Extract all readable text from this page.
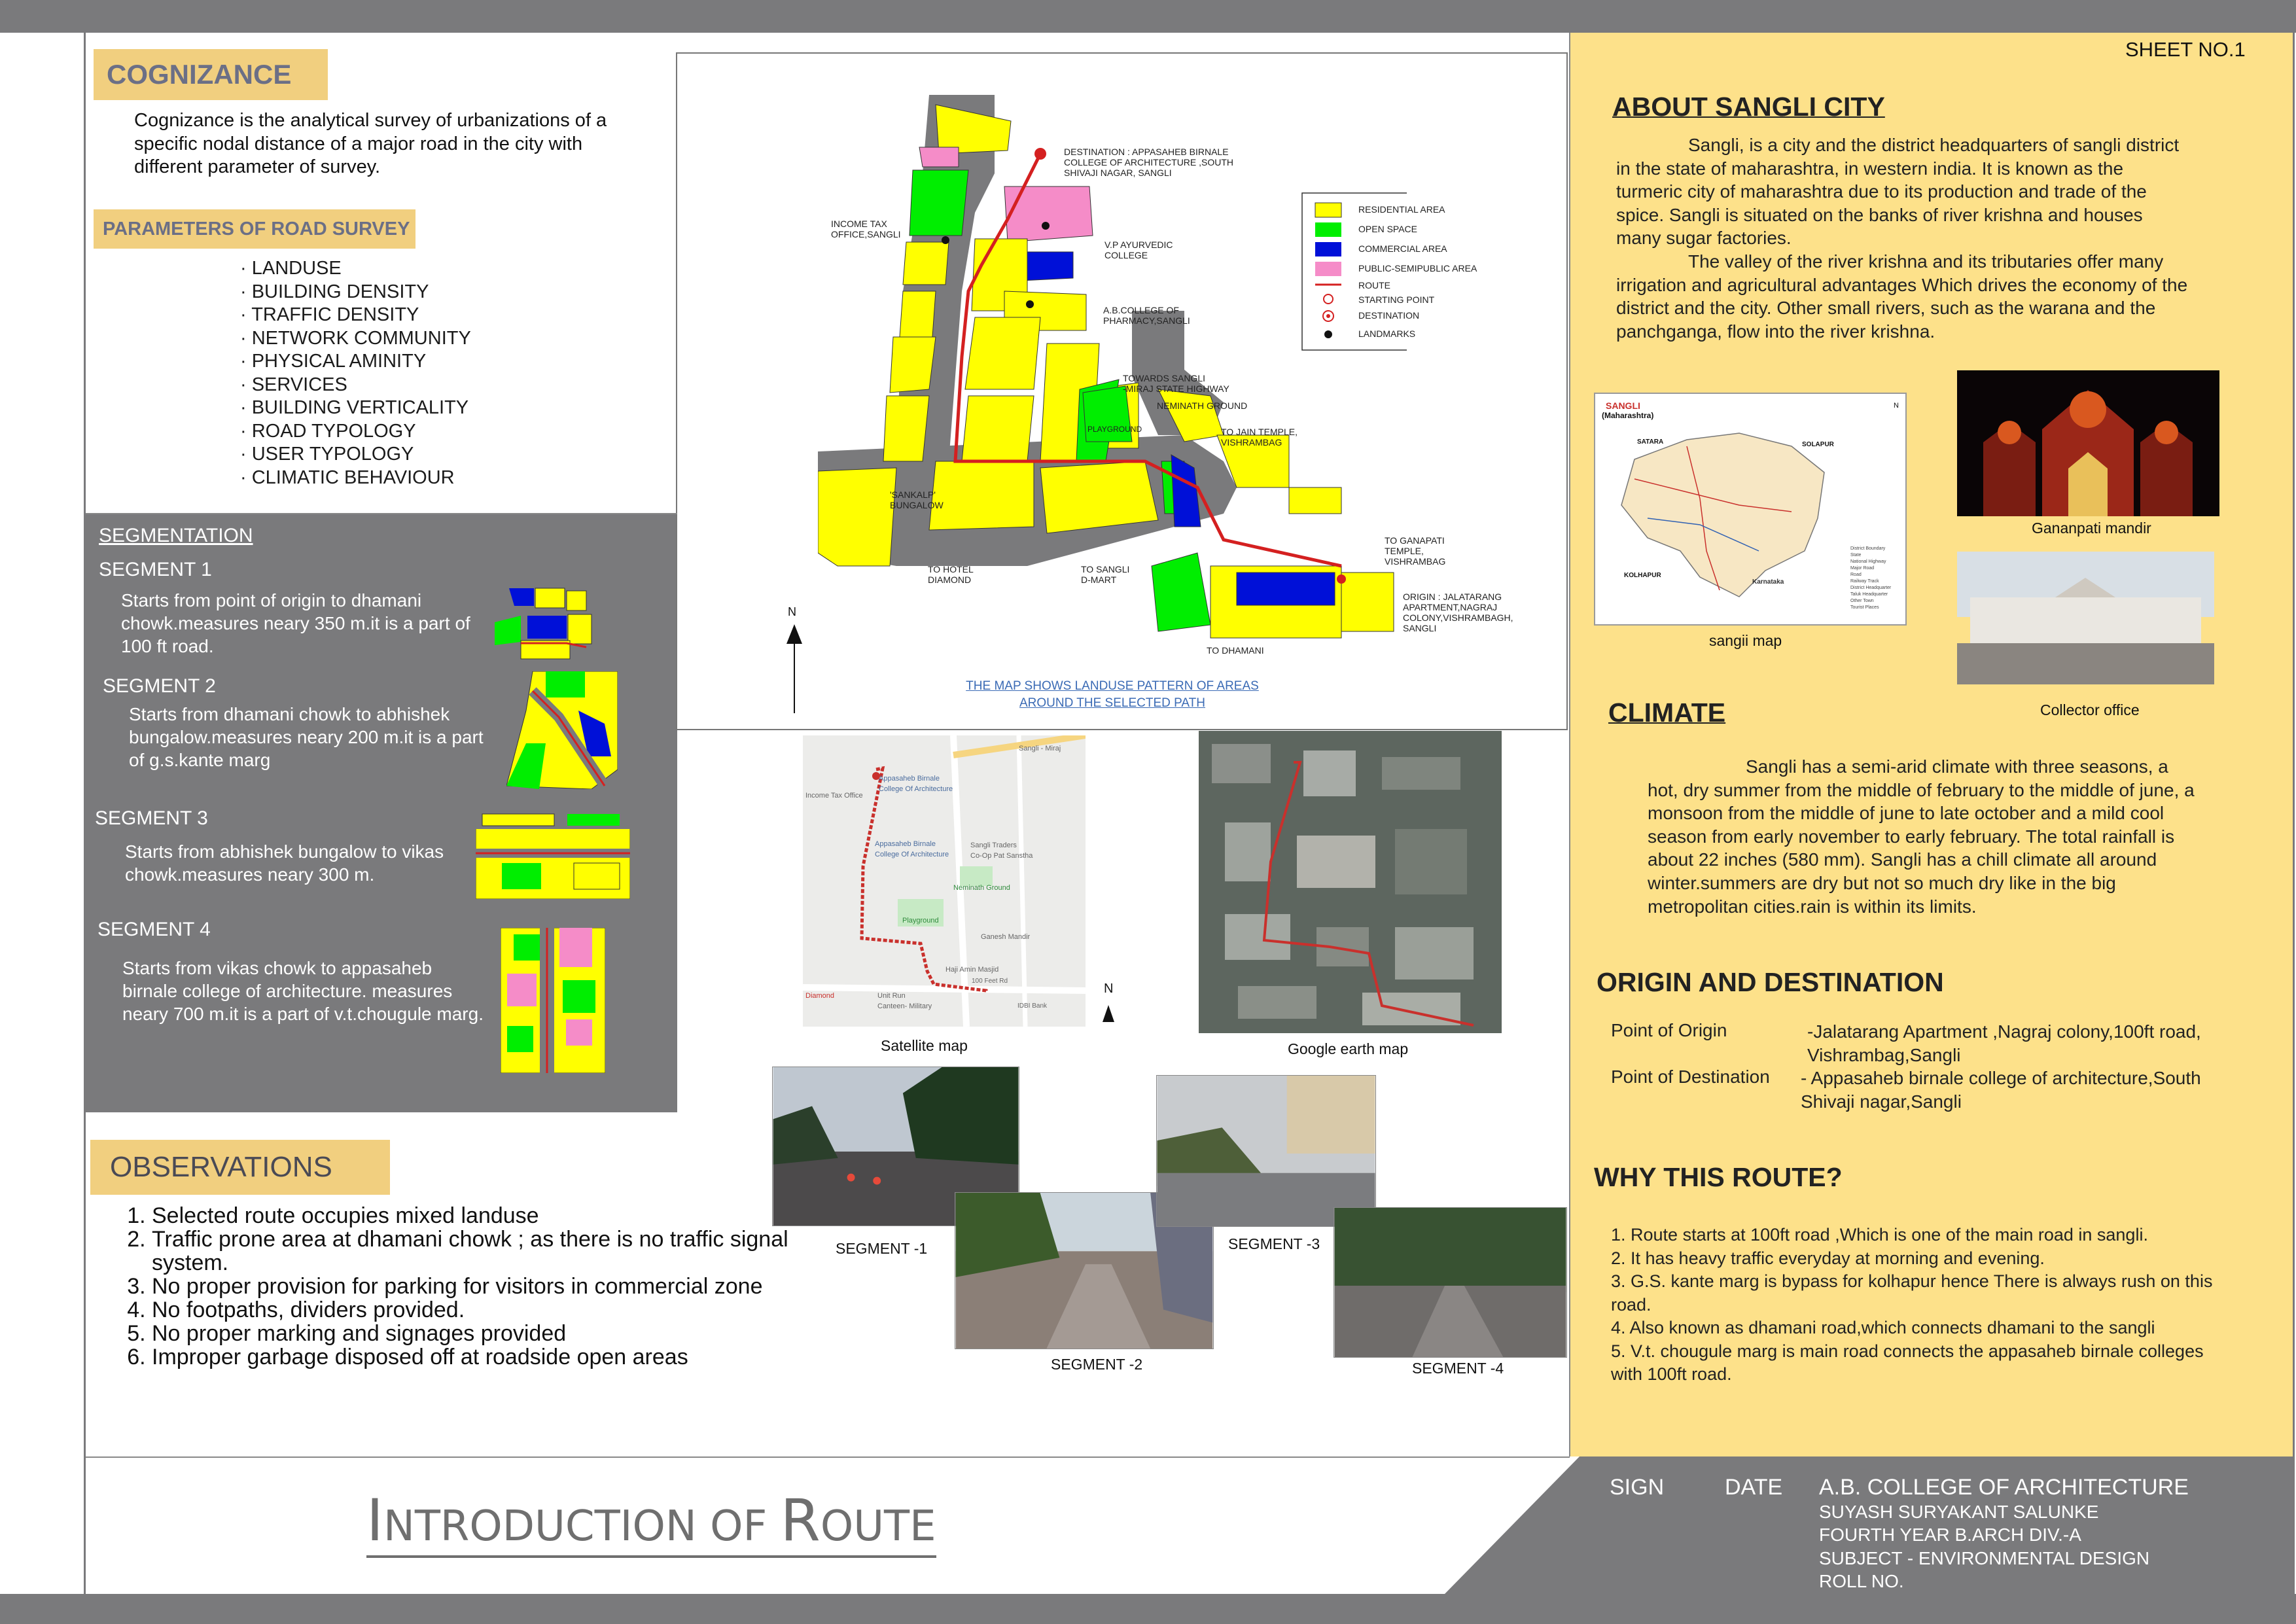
COGNIZANCE
Cognizance is the analytical survey of urbanizations of a specific nodal distance of a major road in the city with different parameter of survey.
PARAMETERS OF ROAD SURVEY
· LANDUSE
· BUILDING DENSITY
· TRAFFIC DENSITY
· NETWORK COMMUNITY
· PHYSICAL AMINITY
· SERVICES
· BUILDING VERTICALITY
· ROAD TYPOLOGY
· USER TYPOLOGY
· CLIMATIC BEHAVIOUR
SEGMENTATION
SEGMENT 1
Starts from point of origin to dhamani chowk.measures neary 350 m.it is a part of 100 ft road.
SEGMENT 2
Starts from dhamani chowk to abhishek bungalow.measures neary 200 m.it is a part of g.s.kante marg
SEGMENT 3
Starts from abhishek bungalow to vikas chowk.measures neary 300 m.
SEGMENT 4
Starts from vikas chowk to appasaheb birnale college of architecture. measures neary 700 m.it is a part of v.t.chougule marg.
OBSERVATIONS
1. Selected route occupies mixed landuse
2. Traffic prone area at dhamani chowk ; as there is no traffic signal system.
3. No proper provision for parking for visitors in commercial zone
4. No footpaths, dividers provided.
5. No proper marking and signages provided
6. Improper garbage disposed off at roadside open areas
RESIDENTIAL AREA
OPEN SPACE
COMMERCIAL AREA
PUBLIC-SEMIPUBLIC AREA
ROUTE
STARTING POINT
DESTINATION
LANDMARKS
DESTINATION : APPASAHEB BIRNALE
COLLEGE OF ARCHITECTURE ,SOUTH
SHIVAJI NAGAR, SANGLI
INCOME TAX
OFFICE,SANGLI
V.P AYURVEDIC
COLLEGE
A.B.COLLEGE OF
PHARMACY,SANGLI
TOWARDS SANGLI
-MIRAJ STATE HIGHWAY
NEMINATH GROUND
PLAYGROUND	TO JAIN TEMPLE,
VISHRAMBAG
'SANKALP'
BUNGALOW
TO GANAPATI
TEMPLE,
VISHRAMBAG
TO HOTEL
DIAMOND
TO SANGLI
D-MART
ORIGIN : JALATARANG
APARTMENT,NAGRAJ
COLONY,VISHRAMBAGH,
SANGLI
TO DHAMANI
N
THE MAP SHOWS LANDUSE PATTERN OF AREAS
AROUND THE SELECTED PATH
Income Tax Office
Appasaheb Birnale
College Of Architecture
Appasaheb Birnale
College Of Architecture
Sangli Traders
Co-Op Pat Sanstha
Neminath Ground
Playground
Ganesh Mandir
Haji Amin Masjid
100 Feet Rd
Unit Run
Canteen- Military
Diamond
IDBI Bank
Sangli - Miraj
Satellite map
N
Google earth map
SEGMENT -1
SEGMENT -2
SEGMENT -3
SEGMENT -4
SHEET NO.1
ABOUT SANGLI CITY
Sangli, is a city and the district headquarters of sangli district in the state of maharashtra, in western india. It is known as the turmeric city of maharashtra due to its production and trade of the spice. Sangli is situated on the banks of river krishna and houses many sugar factories.
The valley of the river krishna and its tributaries offer many irrigation and agricultural advantages Which drives the economy of the district and the city. Other small rivers, such as the warana and the panchganga, flow into the river krishna.
SANGLI
(Maharashtra)
N
SATARA	SOLAPUR
KOLHAPUR
Karnataka
District Boundary
State
National Highway
Major Road
Road
Railway Track
District Headquarter
Taluk Headquarter
Other Town
Tourist Places
sangii map
Gananpati mandir
Collector office
CLIMATE
Sangli has a semi-arid climate with three seasons, a hot, dry summer from the middle of february to the middle of june, a monsoon from the middle of june to late october and a mild cool season from early november to early february. The total rainfall is about 22 inches (580 mm). Sangli has a chill climate all around winter.summers are dry but not so much dry like in the big metropolitan cities.rain is within its limits.
ORIGIN AND DESTINATION
Point of Origin	-Jalatarang Apartment ,Nagraj colony,100ft road,
Vishrambag,Sangli
Point of Destination - Appasaheb birnale college of architecture,South
Shivaji nagar,Sangli
WHY THIS ROUTE?
1. Route starts at 100ft road ,Which is one of the main road in sangli.
2. It has heavy traffic everyday at morning and evening.
3. G.S. kante marg is bypass for kolhapur hence There is always rush on this road.
4. Also known as dhamani road,which connects dhamani to the sangli
5. V.t. chougule marg is main road connects the appasaheb birnale colleges with 100ft road.
INTRODUCTION OF ROUTE
SIGN	DATE A.B. COLLEGE OF ARCHITECTURE
SUYASH SURYAKANT SALUNKE
FOURTH YEAR B.ARCH DIV.-A
SUBJECT - ENVIRONMENTAL DESIGN
ROLL NO.
